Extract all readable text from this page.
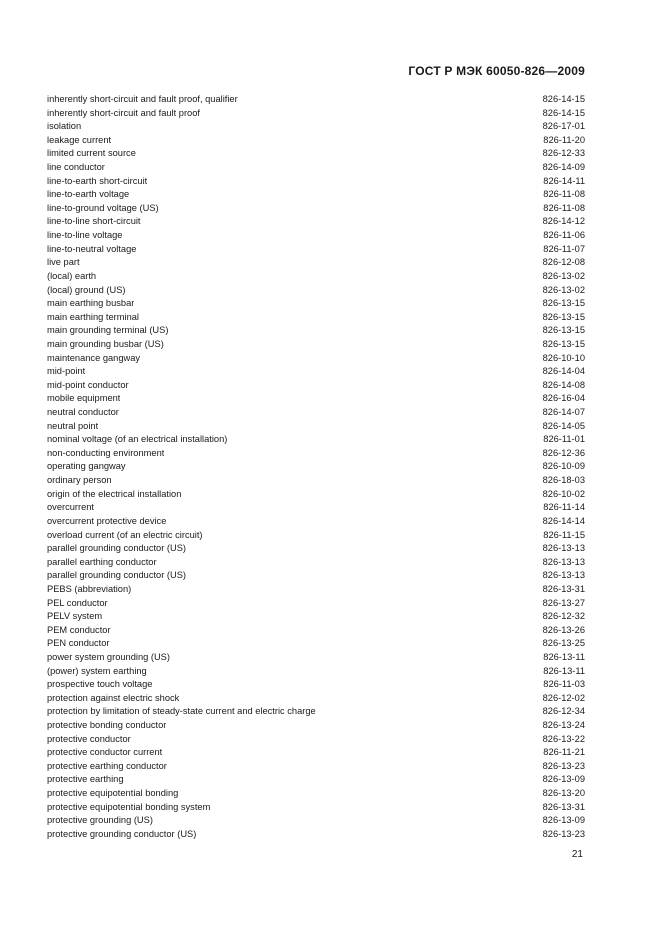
ГОСТ Р МЭК 60050-826—2009
inherently short-circuit and fault proof, qualifier	826-14-15
inherently short-circuit and fault proof	826-14-15
isolation	826-17-01
leakage current	826-11-20
limited current source	826-12-33
line conductor	826-14-09
line-to-earth short-circuit	826-14-11
line-to-earth voltage	826-11-08
line-to-ground voltage (US)	826-11-08
line-to-line short-circuit	826-14-12
line-to-line voltage	826-11-06
line-to-neutral voltage	826-11-07
live part	826-12-08
(local) earth	826-13-02
(local) ground (US)	826-13-02
main earthing busbar	826-13-15
main earthing terminal	826-13-15
main grounding terminal (US)	826-13-15
main grounding busbar (US)	826-13-15
maintenance gangway	826-10-10
mid-point	826-14-04
mid-point conductor	826-14-08
mobile equipment	826-16-04
neutral conductor	826-14-07
neutral point	826-14-05
nominal voltage (of an electrical installation)	826-11-01
non-conducting environment	826-12-36
operating gangway	826-10-09
ordinary person	826-18-03
origin of the electrical installation	826-10-02
overcurrent	826-11-14
overcurrent protective device	826-14-14
overload current (of an electric circuit)	826-11-15
parallel grounding conductor (US)	826-13-13
parallel earthing conductor	826-13-13
parallel grounding conductor (US)	826-13-13
PEBS (abbreviation)	826-13-31
PEL conductor	826-13-27
PELV system	826-12-32
PEM conductor	826-13-26
PEN conductor	826-13-25
power system grounding (US)	826-13-11
(power) system earthing	826-13-11
prospective touch voltage	826-11-03
protection against electric shock	826-12-02
protection by limitation of steady-state current and electric charge	826-12-34
protective bonding conductor	826-13-24
protective conductor	826-13-22
protective conductor current	826-11-21
protective earthing conductor	826-13-23
protective earthing	826-13-09
protective equipotential bonding	826-13-20
protective equipotential bonding system	826-13-31
protective grounding (US)	826-13-09
protective grounding conductor (US)	826-13-23
21
